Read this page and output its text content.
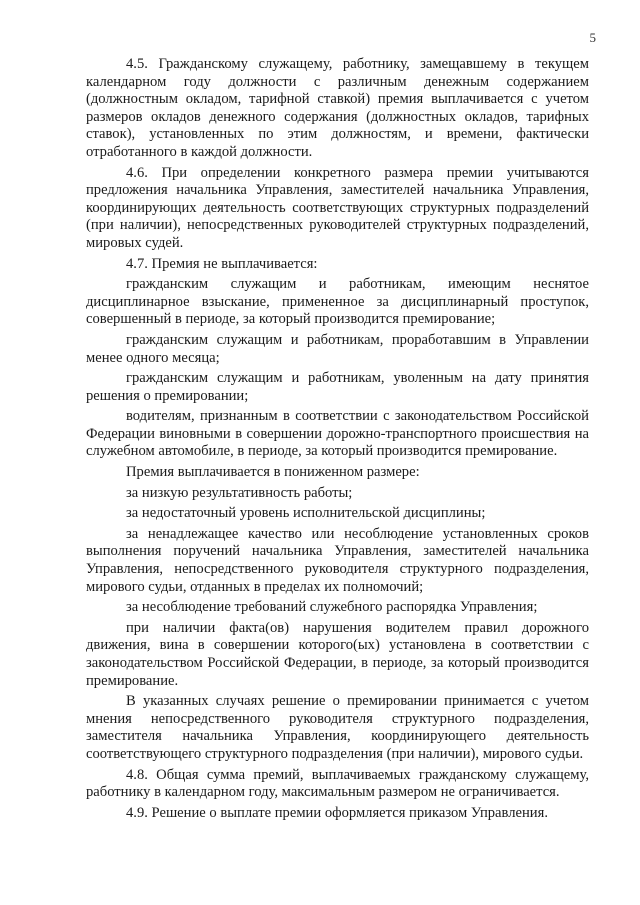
5

4.5. Гражданскому служащему, работнику, замещавшему в текущем календарном году должности с различным денежным содержанием (должностным окладом, тарифной ставкой) премия выплачивается с учетом размеров окладов денежного содержания (должностных окладов, тарифных ставок), установленных по этим должностям, и времени, фактически отработанного в каждой должности.

4.6. При определении конкретного размера премии учитываются предложения начальника Управления, заместителей начальника Управления, координирующих деятельность соответствующих структурных подразделений (при наличии), непосредственных руководителей структурных подразделений, мировых судей.

4.7. Премия не выплачивается:

гражданским служащим и работникам, имеющим неснятое дисциплинарное взыскание, примененное за дисциплинарный проступок, совершенный в периоде, за который производится премирование;

гражданским служащим и работникам, проработавшим в Управлении менее одного месяца;

гражданским служащим и работникам, уволенным на дату принятия решения о премировании;

водителям, признанным в соответствии с законодательством Российской Федерации виновными в совершении дорожно-транспортного происшествия на служебном автомобиле, в периоде, за который производится премирование.

Премия выплачивается в пониженном размере:

за низкую результативность работы;

за недостаточный уровень исполнительской дисциплины;

за ненадлежащее качество или несоблюдение установленных сроков выполнения поручений начальника Управления, заместителей начальника Управления, непосредственного руководителя структурного подразделения, мирового судьи, отданных в пределах их полномочий;

за несоблюдение требований служебного распорядка Управления;

при наличии факта(ов) нарушения водителем правил дорожного движения, вина в совершении которого(ых) установлена в соответствии с законодательством Российской Федерации, в периоде, за который производится премирование.

В указанных случаях решение о премировании принимается с учетом мнения непосредственного руководителя структурного подразделения, заместителя начальника Управления, координирующего деятельность соответствующего структурного подразделения (при наличии), мирового судьи.

4.8. Общая сумма премий, выплачиваемых гражданскому служащему, работнику в календарном году, максимальным размером не ограничивается.

4.9. Решение о выплате премии оформляется приказом Управления.
